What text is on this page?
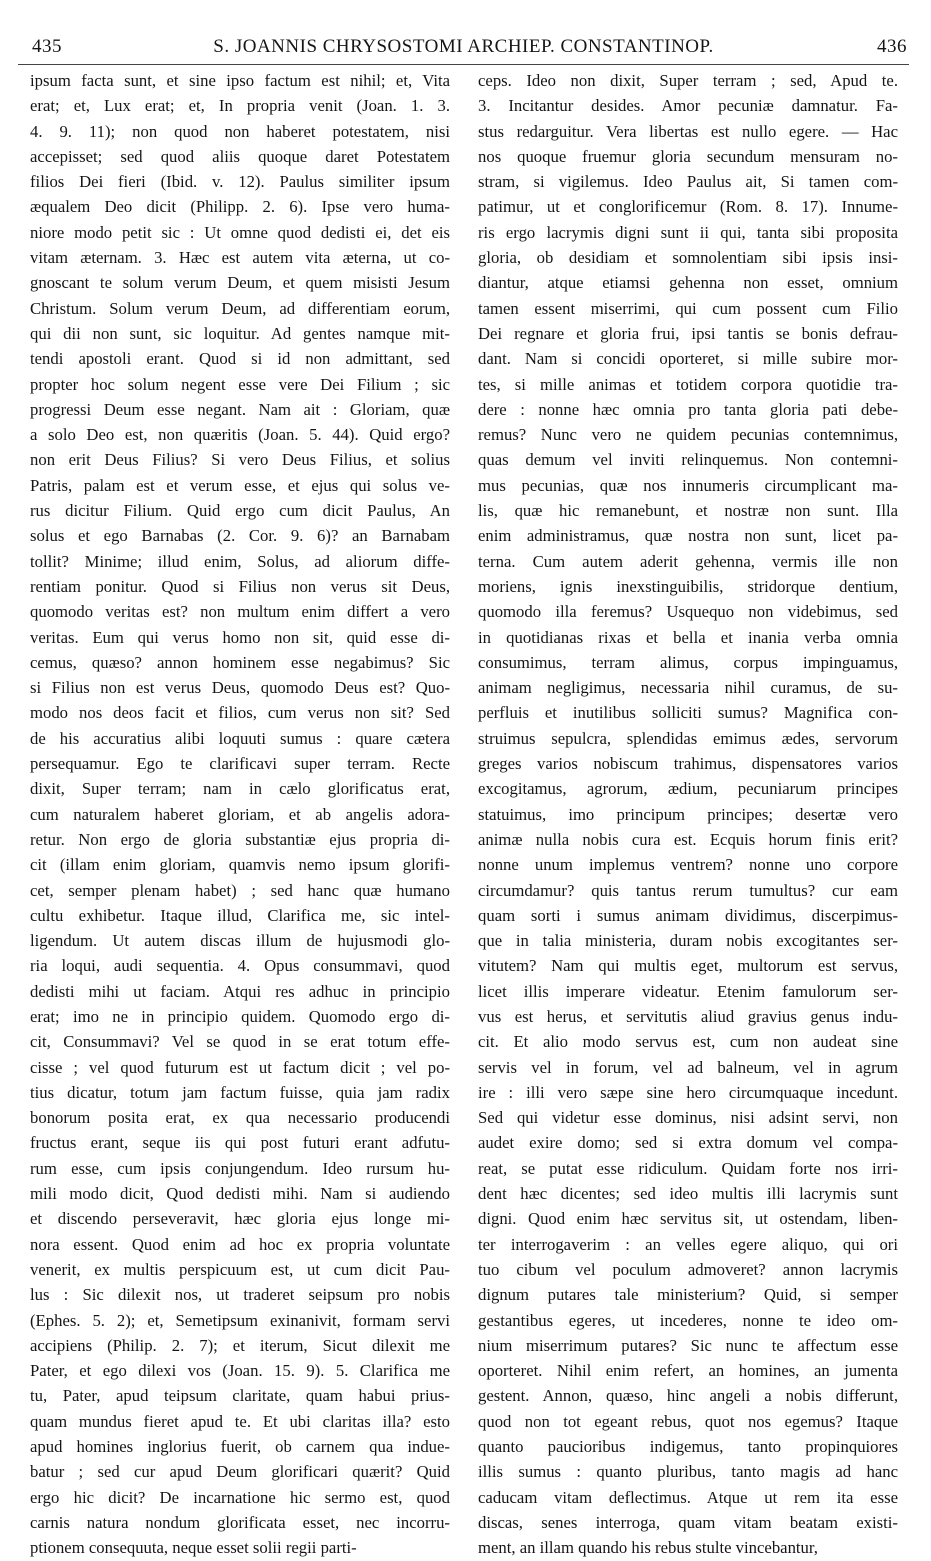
435	S. JOANNIS CHRYSOSTOMI ARCHIEP. CONSTANTINOP.	436
ipsum facta sunt, et sine ipso factum est nihil; et, Vita
erat; et, Lux erat; et, In propria venit (Joan. 1. 3.
4. 9. 11); non quod non haberet potestatem, nisi
accepisset; sed quod aliis quoque daret Potestatem
filios Dei fieri (Ibid. v. 12). Paulus similiter ipsum
æqualem Deo dicit (Philipp. 2. 6). Ipse vero huma-
niore modo petit sic : Ut omne quod dedisti ei, det eis
vitam æternam. 3. Hæc est autem vita æterna, ut co-
gnoscant te solum verum Deum, et quem misisti Jesum
Christum. Solum verum Deum, ad differentiam eorum,
qui dii non sunt, sic loquitur. Ad gentes namque mit-
tendi apostoli erant. Quod si id non admittant, sed
propter hoc solum negent esse vere Dei Filium ; sic
progressi Deum esse negant. Nam ait : Gloriam, quæ
a solo Deo est, non quæritis (Joan. 5. 44). Quid ergo?
non erit Deus Filius? Si vero Deus Filius, et solius
Patris, palam est et verum esse, et ejus qui solus ve-
rus dicitur Filium. Quid ergo cum dicit Paulus, An
solus et ego Barnabas (2. Cor. 9. 6)? an Barnabam
tollit? Minime; illud enim, Solus, ad aliorum diffe-
rentiam ponitur. Quod si Filius non verus sit Deus,
quomodo veritas est? non multum enim differt a vero
veritas. Eum qui verus homo non sit, quid esse di-
cemus, quæso? annon hominem esse negabimus? Sic
si Filius non est verus Deus, quomodo Deus est? Quo-
modo nos deos facit et filios, cum verus non sit? Sed
de his accuratius alibi loquuti sumus : quare cætera
persequamur. Ego te clarificavi super terram. Recte
dixit, Super terram; nam in cælo glorificatus erat,
cum naturalem haberet gloriam, et ab angelis adora-
retur. Non ergo de gloria substantiæ ejus propria di-
cit (illam enim gloriam, quamvis nemo ipsum glorifi-
cet, semper plenam habet) ; sed hanc quæ humano
cultu exhibetur. Itaque illud, Clarifica me, sic intel-
ligendum. Ut autem discas illum de hujusmodi glo-
ria loqui, audi sequentia. 4. Opus consummavi, quod
dedisti mihi ut faciam. Atqui res adhuc in principio
erat; imo ne in principio quidem. Quomodo ergo di-
cit, Consummavi? Vel se quod in se erat totum effe-
cisse ; vel quod futurum est ut factum dicit ; vel po-
tius dicatur, totum jam factum fuisse, quia jam radix
bonorum posita erat, ex qua necessario producendi
fructus erant, seque iis qui post futuri erant adfutu-
rum esse, cum ipsis conjungendum. Ideo rursum hu-
mili modo dicit, Quod dedisti mihi. Nam si audiendo
et discendo perseveravit, hæc gloria ejus longe mi-
nora essent. Quod enim ad hoc ex propria voluntate
venerit, ex multis perspicuum est, ut cum dicit Pau-
lus : Sic dilexit nos, ut traderet seipsum pro nobis
(Ephes. 5. 2); et, Semetipsum exinanivit, formam servi
accipiens (Philip. 2. 7); et iterum, Sicut dilexit me
Pater, et ego dilexi vos (Joan. 15. 9). 5. Clarifica me
tu, Pater, apud teipsum claritate, quam habui prius-
quam mundus fieret apud te. Et ubi claritas illa? esto
apud homines inglorius fuerit, ob carnem qua indue-
batur ; sed cur apud Deum glorificari quærit? Quid
ergo hic dicit? De incarnatione hic sermo est, quod
carnis natura nondum glorificata esset, nec incorru-
ptionem consequuta, neque esset solii regii parti-
ceps. Ideo non dixit, Super terram ; sed, Apud te.
3. Incitantur desides. Amor pecuniæ damnatur. Fa-
stus redarguitur. Vera libertas est nullo egere. — Hac
nos quoque fruemur gloria secundum mensuram no-
stram, si vigilemus. Ideo Paulus ait, Si tamen com-
patimur, ut et conglorificemur (Rom. 8. 17). Innume-
ris ergo lacrymis digni sunt ii qui, tanta sibi proposita
gloria, ob desidiam et somnolentiam sibi ipsis insi-
diantur, atque etiamsi gehenna non esset, omnium
tamen essent miserrimi, qui cum possent cum Filio
Dei regnare et gloria frui, ipsi tantis se bonis defrau-
dant. Nam si concidi oporteret, si mille subire mor-
tes, si mille animas et totidem corpora quotidie tra-
dere : nonne hæc omnia pro tanta gloria pati debe-
remus? Nunc vero ne quidem pecunias contemnimus,
quas demum vel inviti relinquemus. Non contemni-
mus pecunias, quæ nos innumeris circumplicant ma-
lis, quæ hic remanebunt, et nostræ non sunt. Illa
enim administramus, quæ nostra non sunt, licet pa-
terna. Cum autem aderit gehenna, vermis ille non
moriens, ignis inexstinguibilis, stridorque dentium,
quomodo illa feremus? Usquequo non videbimus, sed
in quotidianas rixas et bella et inania verba omnia
consumimus, terram alimus, corpus impinguamus,
animam negligimus, necessaria nihil curamus, de su-
perfluis et inutilibus solliciti sumus? Magnifica con-
struimus sepulcra, splendidas emimus ædes, servorum
greges varios nobiscum trahimus, dispensatores varios
excogitamus, agrorum, ædium, pecuniarum principes
statuimus, imo principum principes; desertæ vero
animæ nulla nobis cura est. Ecquis horum finis erit?
nonne unum implemus ventrem? nonne uno corpore
circumdamur? quis tantus rerum tumultus? cur eam
quam sorti i sumus animam dividimus, discerpimus-
que in talia ministeria, duram nobis excogitantes ser-
vitutem? Nam qui multis eget, multorum est servus,
licet illis imperare videatur. Etenim famulorum ser-
vus est herus, et servitutis aliud gravius genus indu-
cit. Et alio modo servus est, cum non audeat sine
servis vel in forum, vel ad balneum, vel in agrum
ire : illi vero sæpe sine hero circumquaque incedunt.
Sed qui videtur esse dominus, nisi adsint servi, non
audet exire domo; sed si extra domum vel compa-
reat, se putat esse ridiculum. Quidam forte nos irri-
dent hæc dicentes; sed ideo multis illi lacrymis sunt
digni. Quod enim hæc servitus sit, ut ostendam, liben-
ter interrogaverim : an velles egere aliquo, qui ori
tuo cibum vel poculum admoveret? annon lacrymis
dignum putares tale ministerium? Quid, si semper
gestantibus egeres, ut incederes, nonne te ideo om-
nium miserrimum putares? Sic nunc te affectum esse
oporteret. Nihil enim refert, an homines, an jumenta
gestent. Annon, quæso, hinc angeli a nobis differunt,
quod non tot egeant rebus, quot nos egemus? Itaque
quanto paucioribus indigemus, tanto propinquiores
illis sumus : quanto pluribus, tanto magis ad hanc
caducam vitam deflectimus. Atque ut rem ita esse
discas, senes interroga, quam vitam beatam existi-
ment, an illam quando his rebus stulte vincebantur,
